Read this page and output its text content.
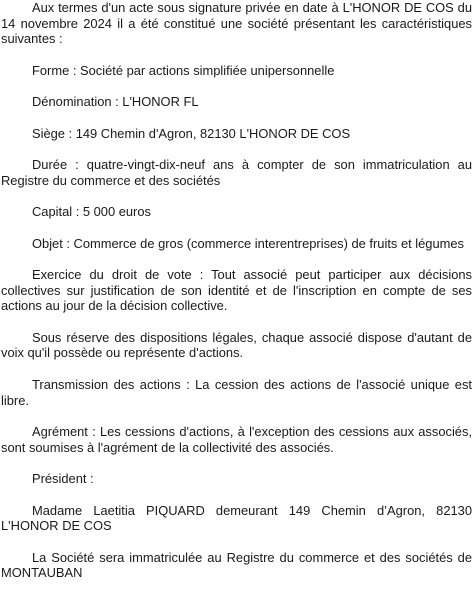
Aux termes d'un acte sous signature privée en date à L'HONOR DE COS du 14 novembre 2024 il a été constitué une société présentant les caractéristiques suivantes :

Forme : Société par actions simplifiée unipersonnelle

Dénomination : L'HONOR FL

Siège : 149 Chemin d'Agron, 82130 L'HONOR DE COS

Durée : quatre-vingt-dix-neuf ans à compter de son immatriculation au Registre du commerce et des sociétés

Capital : 5 000 euros

Objet : Commerce de gros (commerce interentreprises) de fruits et légumes

Exercice du droit de vote : Tout associé peut participer aux décisions collectives sur justification de son identité et de l'inscription en compte de ses actions au jour de la décision collective.

Sous réserve des dispositions légales, chaque associé dispose d'autant de voix qu'il possède ou représente d'actions.

Transmission des actions : La cession des actions de l'associé unique est libre.

Agrément : Les cessions d'actions, à l'exception des cessions aux associés, sont soumises à l'agrément de la collectivité des associés.

Président :

Madame Laetitia PIQUARD demeurant 149 Chemin d’Agron, 82130 L'HONOR DE COS

La Société sera immatriculée au Registre du commerce et des sociétés de MONTAUBAN
